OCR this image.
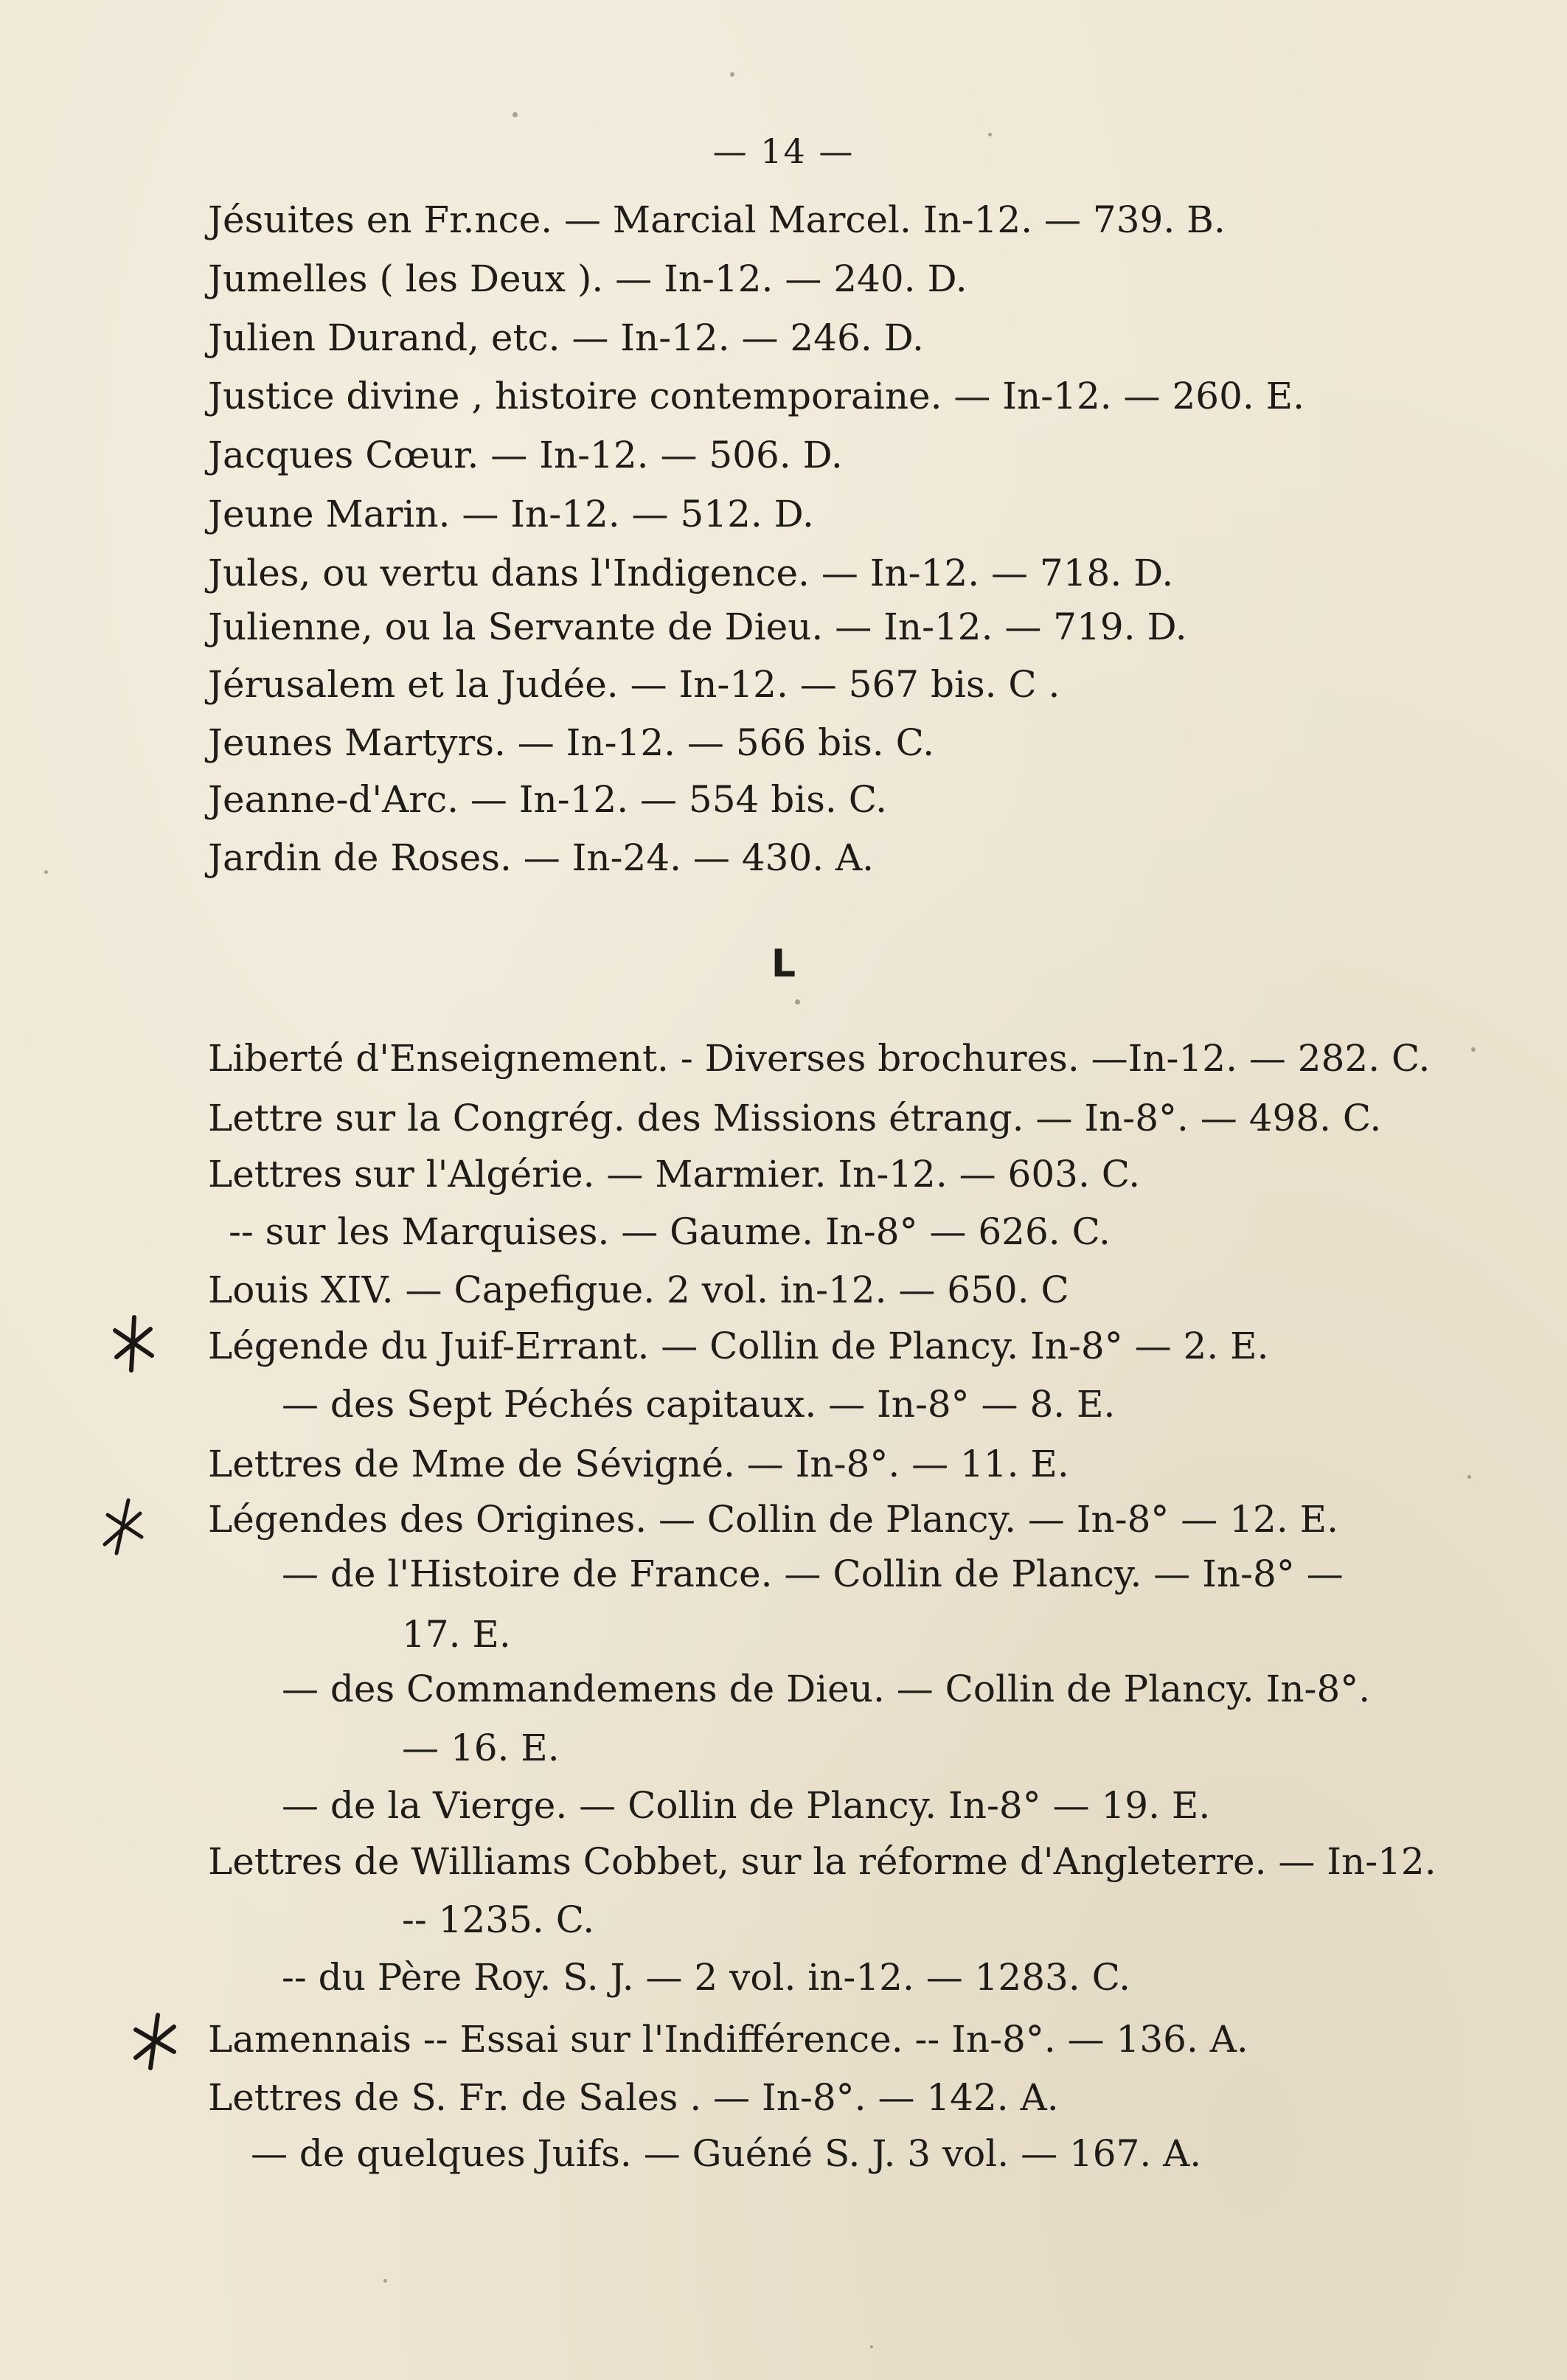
— 14 —
Jésuites en Fr.nce. — Marcial Marcel. In-12. — 739. B.
Jumelles ( les Deux ). — In-12. — 240. D.
Julien Durand, etc. — In-12. — 246. D.
Justice divine , histoire contemporaine. — In-12. — 260. E.
Jacques Cœur. — In-12. — 506. D.
Jeune Marin. — In-12. — 512. D.
Jules, ou vertu dans l'Indigence. — In-12. — 718. D.
Julienne, ou la Servante de Dieu. — In-12. — 719. D.
Jérusalem et la Judée. — In-12. — 567 bis. C .
Jeunes Martyrs. — In-12. — 566 bis. C.
Jeanne-d'Arc. — In-12. — 554 bis. C.
Jardin de Roses. — In-24. — 430. A.
L
Liberté d'Enseignement. - Diverses brochures. —In-12. — 282. C.
Lettre sur la Congrég. des Missions étrang. — In-8°. — 498. C.
Lettres sur l'Algérie. — Marmier. In-12. — 603. C.
-- sur les Marquises. — Gaume. In-8° — 626. C.
Louis XIV. — Capefigue. 2 vol. in-12. — 650. C
Légende du Juif-Errant. — Collin de Plancy. In-8° — 2. E.
— des Sept Péchés capitaux. — In-8° — 8. E.
Lettres de Mme de Sévigné. — In-8°. — 11. E.
Légendes des Origines. — Collin de Plancy. — In-8° — 12. E.
— de l'Histoire de France. — Collin de Plancy. — In-8° —
17. E.
— des Commandemens de Dieu. — Collin de Plancy. In-8°.
— 16. E.
— de la Vierge. — Collin de Plancy. In-8° — 19. E.
Lettres de Williams Cobbet, sur la réforme d'Angleterre. — In-12.
-- 1235. C.
-- du Père Roy. S. J. — 2 vol. in-12. — 1283. C.
Lamennais -- Essai sur l'Indifférence. -- In-8°. — 136. A.
Lettres de S. Fr. de Sales . — In-8°. — 142. A.
— de quelques Juifs. — Guéné S. J. 3 vol. — 167. A.
